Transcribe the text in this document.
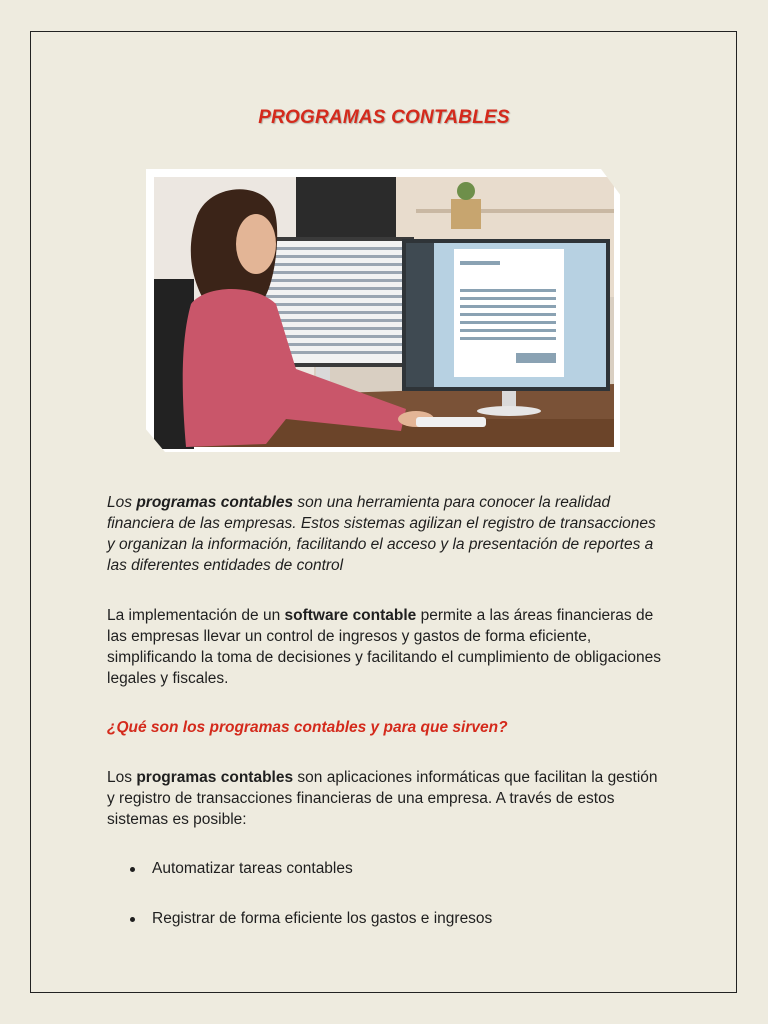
PROGRAMAS CONTABLES
Los programas contables son una herramienta para conocer la realidad financiera de las empresas. Estos sistemas agilizan el registro de transacciones y organizan la información, facilitando el acceso y la presentación de reportes a las diferentes entidades de control
La implementación de un software contable permite a las áreas financieras de las empresas llevar un control de ingresos y gastos de forma eficiente, simplificando la toma de decisiones y facilitando el cumplimiento de obligaciones legales y fiscales.
¿Qué son los programas contables y para que sirven?
Los programas contables son aplicaciones informáticas que facilitan la gestión y registro de transacciones financieras de una empresa. A través de estos sistemas es posible:
Automatizar tareas contables
Registrar de forma eficiente los gastos e ingresos
